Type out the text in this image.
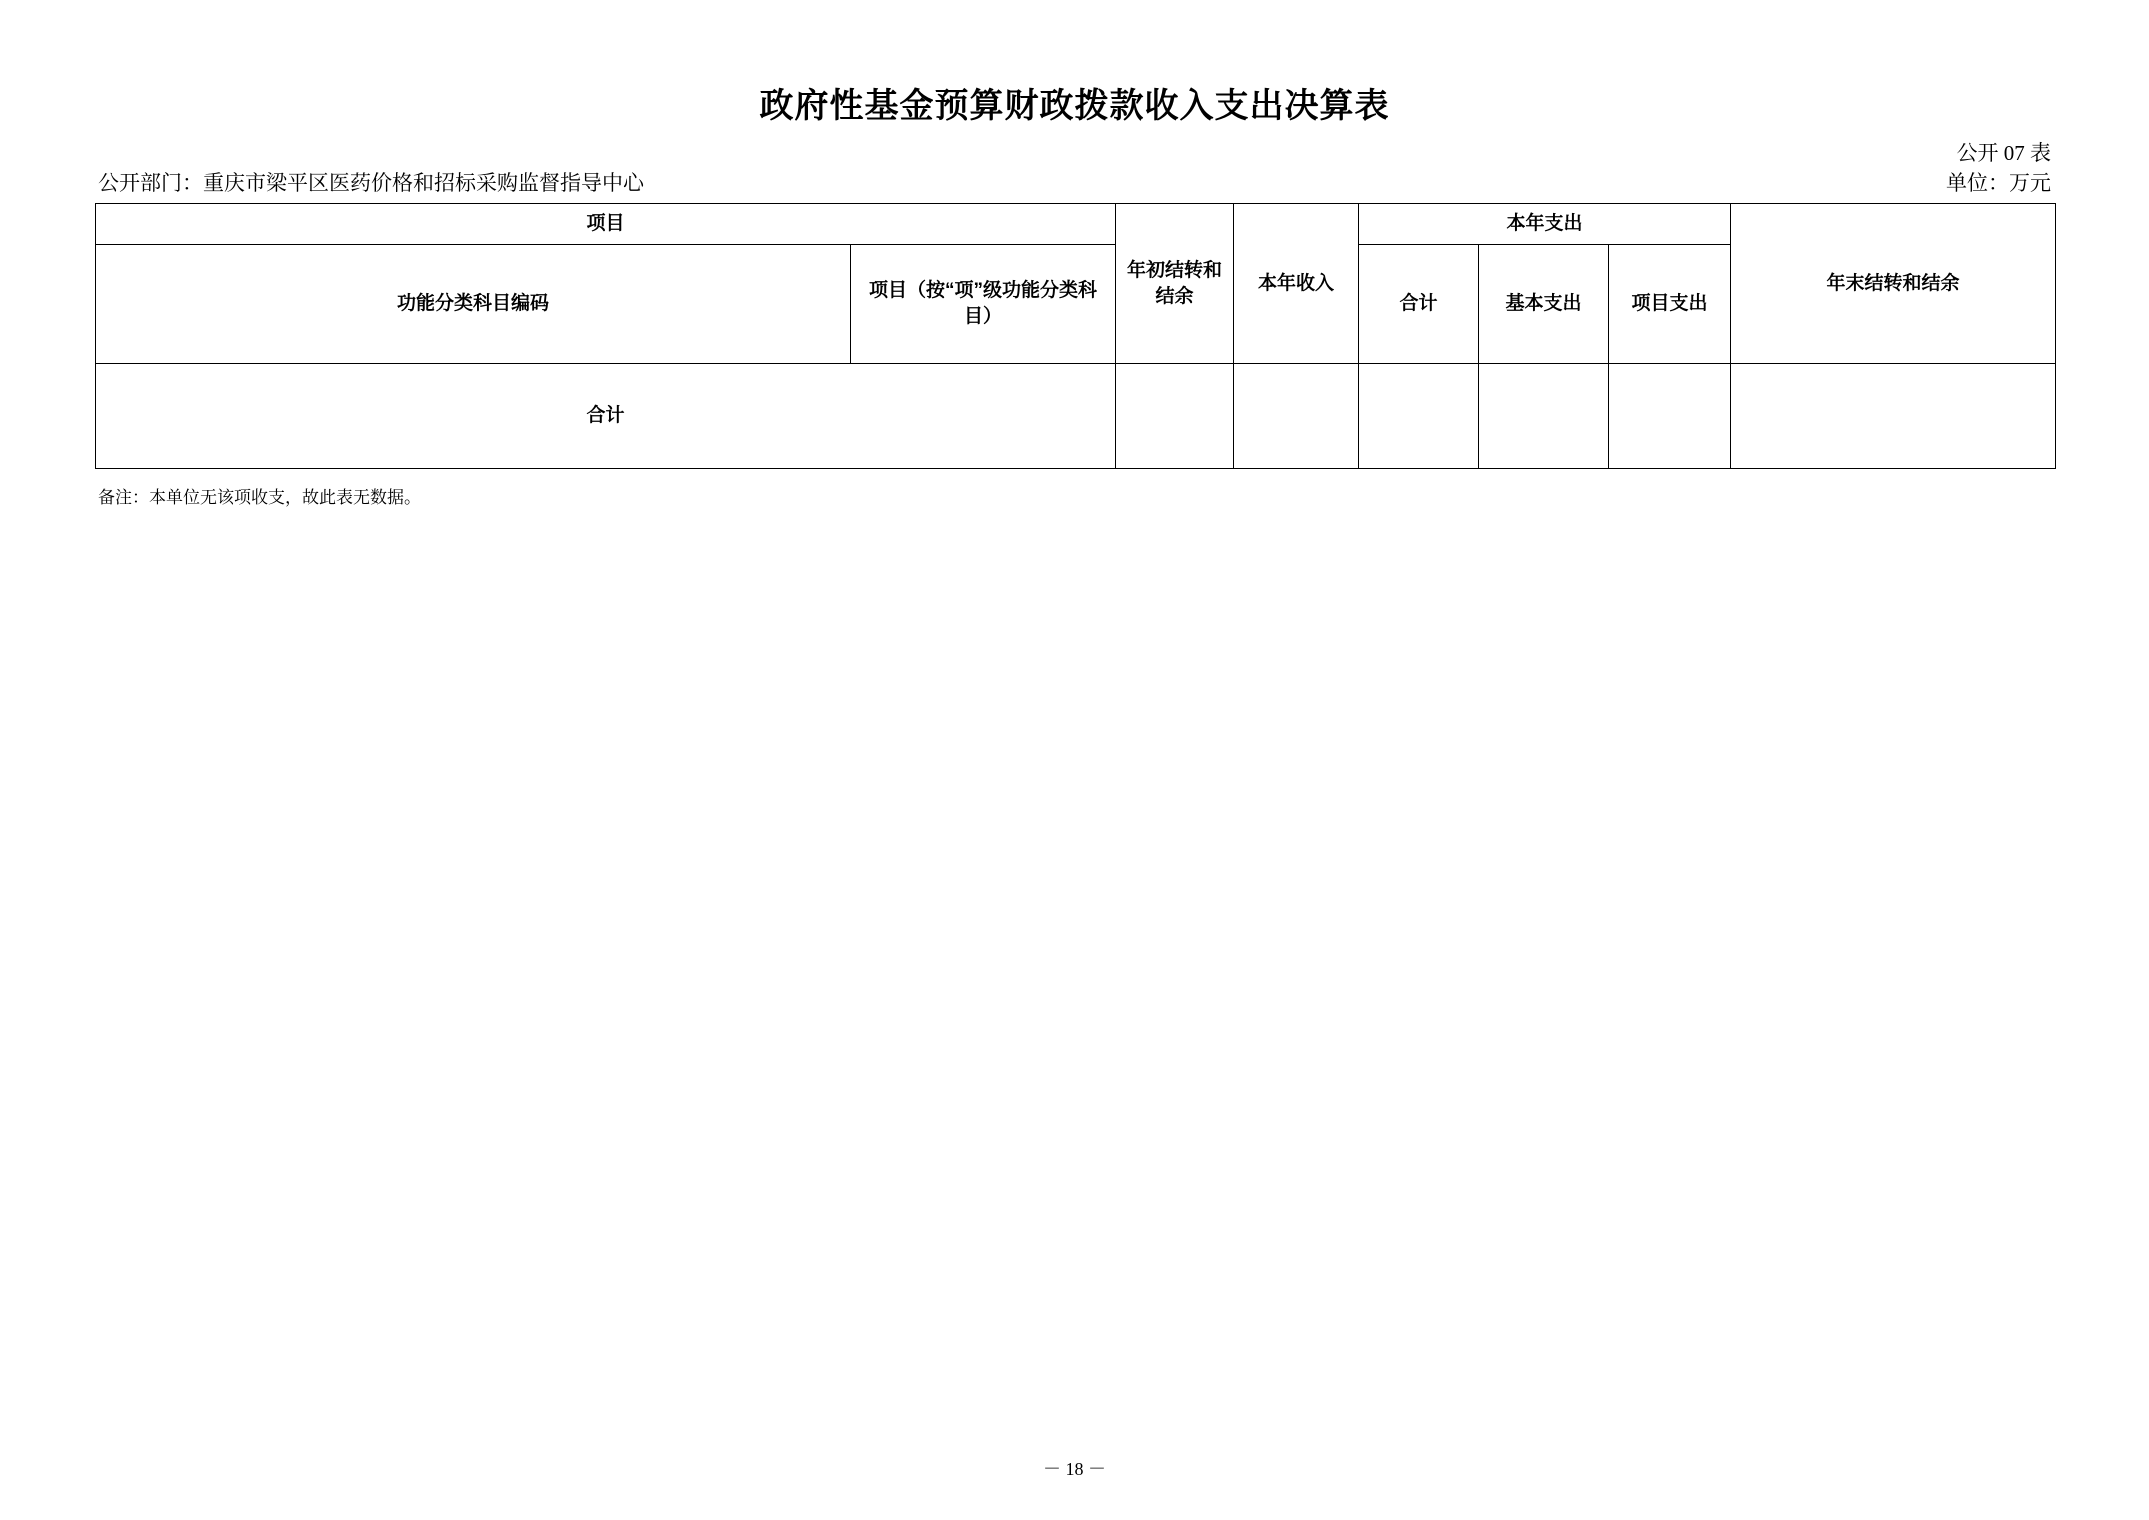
政府性基金预算财政拨款收入支出决算表
公开 07 表
单位：万元
公开部门：重庆市梁平区医药价格和招标采购监督指导中心
项目		年初结转和结余	本年收入	本年支出			年末结转和结余
功能分类科目编码	项目（按“项”级功能分类科目）			合计	基本支出	项目支出	
合计							
备注：本单位无该项收支，故此表无数据。
－ 18 －
